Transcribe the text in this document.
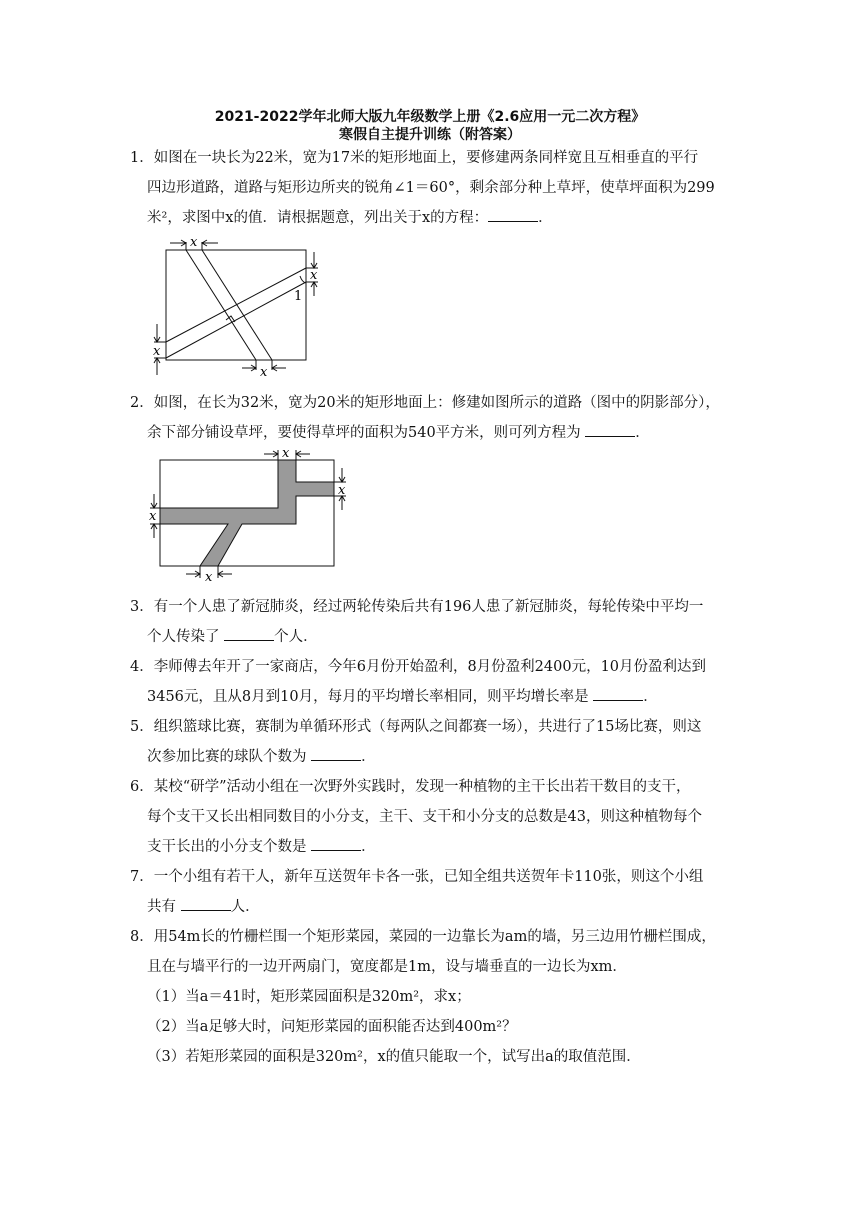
2021-2022学年北师大版九年级数学上册《2.6应用一元二次方程》
寒假自主提升训练（附答案）
1．如图在一块长为22米，宽为17米的矩形地面上，要修建两条同样宽且互相垂直的平行
四边形道路，道路与矩形边所夹的锐角∠1＝60°，剩余部分种上草坪，使草坪面积为299
米²，求图中x的值．请根据题意，列出关于x的方程：	．
x
x
x
x
1
2．如图，在长为32米，宽为20米的矩形地面上：修建如图所示的道路（图中的阴影部分），
余下部分铺设草坪，要使得草坪的面积为540平方米，则可列方程为	．
x
x
x
x
3．有一个人患了新冠肺炎，经过两轮传染后共有196人患了新冠肺炎，每轮传染中平均一
个人传染了	个人．
4．李师傅去年开了一家商店，今年6月份开始盈利，8月份盈利2400元，10月份盈利达到
3456元，且从8月到10月，每月的平均增长率相同，则平均增长率是	．
5．组织篮球比赛，赛制为单循环形式（每两队之间都赛一场），共进行了15场比赛，则这
次参加比赛的球队个数为	．
6．某校“研学”活动小组在一次野外实践时，发现一种植物的主干长出若干数目的支干，
每个支干又长出相同数目的小分支，主干、支干和小分支的总数是43，则这种植物每个
支干长出的小分支个数是	．
7．一个小组有若干人，新年互送贺年卡各一张，已知全组共送贺年卡110张，则这个小组
共有	人．
8．用54m长的竹栅栏围一个矩形菜园，菜园的一边靠长为am的墙，另三边用竹栅栏围成，
且在与墙平行的一边开两扇门，宽度都是1m，设与墙垂直的一边长为xm．
（1）当a＝41时，矩形菜园面积是320m²，求x；
（2）当a足够大时，问矩形菜园的面积能否达到400m²？
（3）若矩形菜园的面积是320m²，x的值只能取一个，试写出a的取值范围．
